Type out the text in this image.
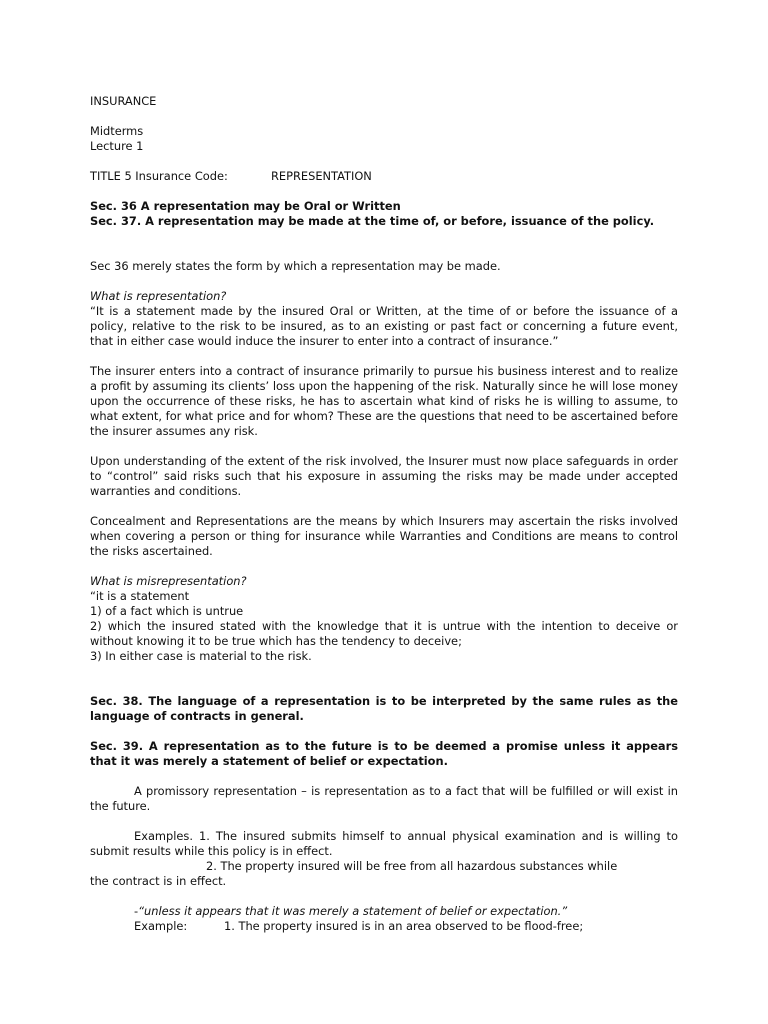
INSURANCE

Midterms

Lecture 1

TITLE 5 Insurance Code:	REPRESENTATION

Sec. 36 A representation may be Oral or Written

Sec. 37. A representation may be made at the time of, or before, issuance of the policy.

Sec 36 merely states the form by which a representation may be made.

What is representation?

“It is a statement made by the insured Oral or Written, at the time of or before the issuance of a policy, relative to the risk to be insured, as to an existing or past fact or concerning a future event, that in either case would induce the insurer to enter into a contract of insurance.”

The insurer enters into a contract of insurance primarily to pursue his business interest and to realize a profit by assuming its clients’ loss upon the happening of the risk. Naturally since he will lose money upon the occurrence of these risks, he has to ascertain what kind of risks he is willing to assume, to what extent, for what price and for whom? These are the questions that need to be ascertained before the insurer assumes any risk.

Upon understanding of the extent of the risk involved, the Insurer must now place safeguards in order to “control” said risks such that his exposure in assuming the risks may be made under accepted warranties and conditions.

Concealment and Representations are the means by which Insurers may ascertain the risks involved when covering a person or thing for insurance while Warranties and Conditions are means to control the risks ascertained.

What is misrepresentation?

“it is a statement

1) of a fact which is untrue

2) which the insured stated with the knowledge that it is untrue with the intention to deceive or without knowing it to be true which has the tendency to deceive;

3) In either case is material to the risk.

Sec. 38. The language of a representation is to be interpreted by the same rules as the language of contracts in general.

Sec. 39. A representation as to the future is to be deemed a promise unless it appears that it was merely a statement of belief or expectation.

A promissory representation – is representation as to a fact that will be fulfilled or will exist in the future.

Examples. 1. The insured submits himself to annual physical examination and is willing to submit results while this policy is in effect.

2. The property insured will be free from all hazardous substances while

the contract is in effect.

-“unless it appears that it was merely a statement of belief or expectation.”

Example:	1. The property insured is in an area observed to be flood-free;
